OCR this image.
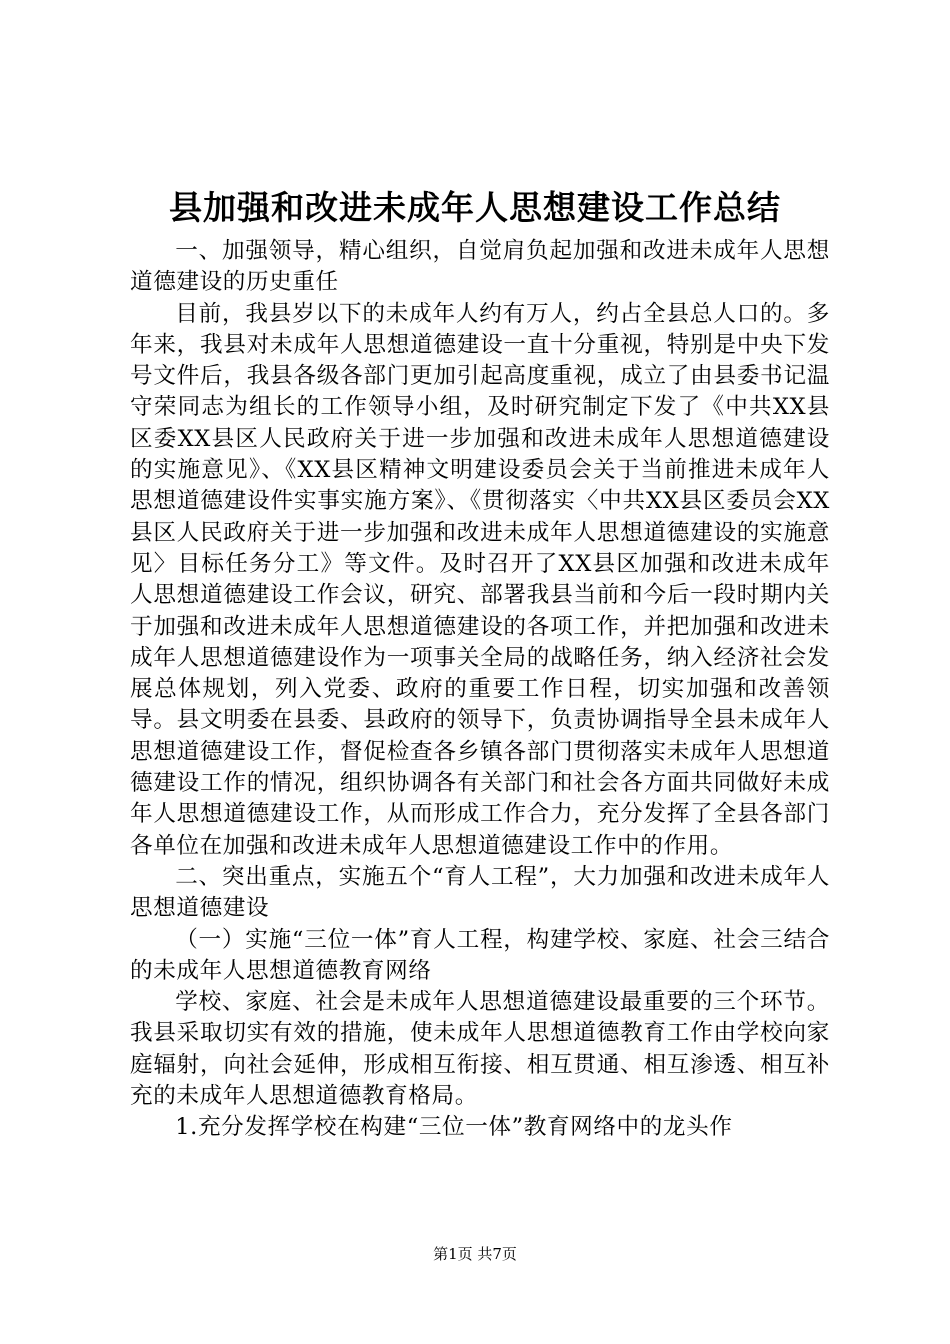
县加强和改进未成年人思想建设工作总结

一、加强领导，精心组织，自觉肩负起加强和改进未成年人思想道德建设的历史重任

目前，我县岁以下的未成年人约有万人，约占全县总人口的。多年来，我县对未成年人思想道德建设一直十分重视，特别是中央下发号文件后，我县各级各部门更加引起高度重视，成立了由县委书记温守荣同志为组长的工作领导小组，及时研究制定下发了《中共XX县区委XX县区人民政府关于进一步加强和改进未成年人思想道德建设的实施意见》、《XX县区精神文明建设委员会关于当前推进未成年人思想道德建设件实事实施方案》、《贯彻落实〈中共XX县区委员会XX县区人民政府关于进一步加强和改进未成年人思想道德建设的实施意见〉目标任务分工》等文件。及时召开了XX县区加强和改进未成年人思想道德建设工作会议，研究、部署我县当前和今后一段时期内关于加强和改进未成年人思想道德建设的各项工作，并把加强和改进未成年人思想道德建设作为一项事关全局的战略任务，纳入经济社会发展总体规划，列入党委、政府的重要工作日程，切实加强和改善领导。县文明委在县委、县政府的领导下，负责协调指导全县未成年人思想道德建设工作，督促检查各乡镇各部门贯彻落实未成年人思想道德建设工作的情况，组织协调各有关部门和社会各方面共同做好未成年人思想道德建设工作，从而形成工作合力，充分发挥了全县各部门各单位在加强和改进未成年人思想道德建设工作中的作用。

二、突出重点，实施五个“育人工程”，大力加强和改进未成年人思想道德建设

（一）实施“三位一体”育人工程，构建学校、家庭、社会三结合的未成年人思想道德教育网络

学校、家庭、社会是未成年人思想道德建设最重要的三个环节。我县采取切实有效的措施，使未成年人思想道德教育工作由学校向家庭辐射，向社会延伸，形成相互衔接、相互贯通、相互渗透、相互补充的未成年人思想道德教育格局。

1.充分发挥学校在构建“三位一体”教育网络中的龙头作

第1页 共7页
